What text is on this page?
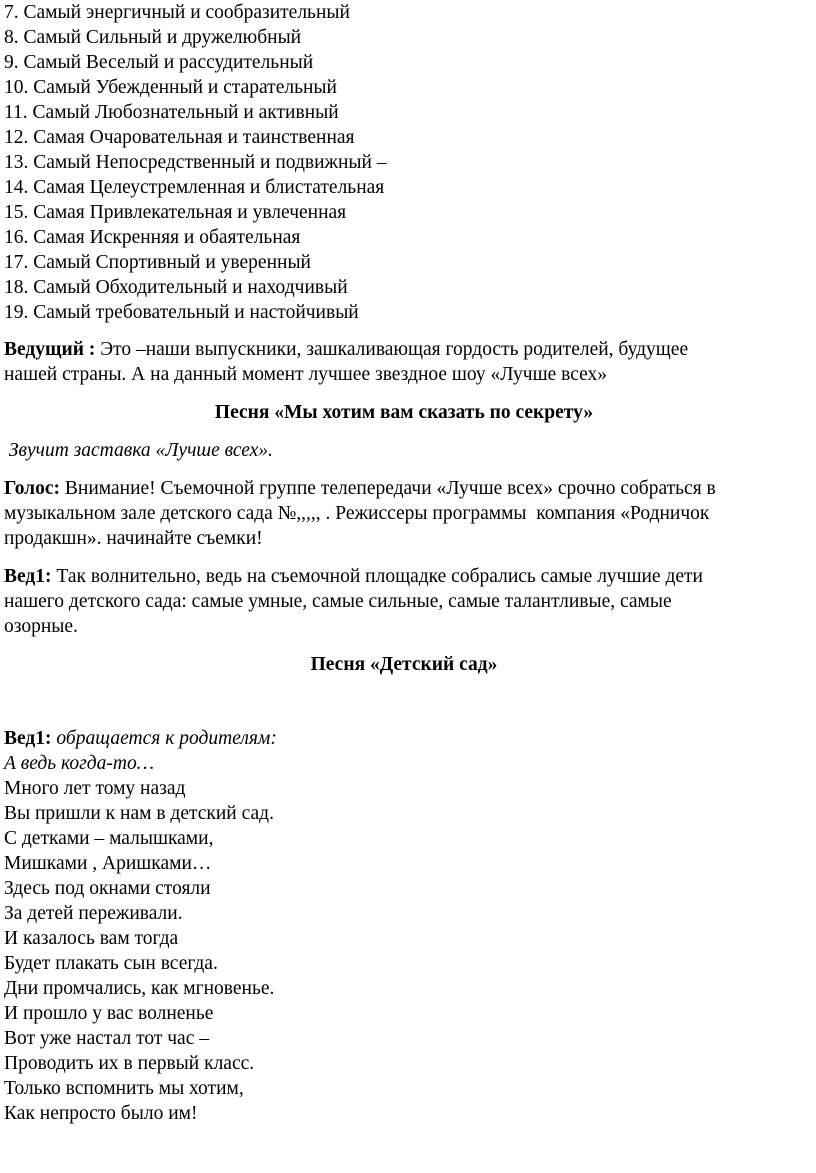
7. Самый энергичный и сообразительный
8. Самый Сильный и дружелюбный
9. Самый Веселый и рассудительный
10. Самый Убежденный и старательный
11. Самый Любознательный и активный
12. Самая Очаровательная и таинственная
13. Самый Непосредственный и подвижный –
14. Самая Целеустремленная и блистательная
15. Самая Привлекательная и увлеченная
16. Самая Искренняя и обаятельная
17. Самый Спортивный и уверенный
18. Самый Обходительный и находчивый
19. Самый требовательный и настойчивый
Ведущий : Это –наши выпускники, зашкаливающая гордость родителей, будущее
нашей страны. А на данный момент лучшее звездное шоу «Лучше всех»
Песня «Мы хотим вам сказать по секрету»
Звучит заставка «Лучше всех».
Голос: Внимание! Съемочной группе телепередачи «Лучше всех» срочно собраться в
музыкальном зале детского сада №,,,,, . Режиссеры программы  компания «Родничок
продакшн». начинайте съемки!
Вед1: Так волнительно, ведь на съемочной площадке собрались самые лучшие дети
нашего детского сада: самые умные, самые сильные, самые талантливые, самые
озорные.
Песня «Детский сад»
Вед1: обращается к родителям:
А ведь когда-то…
Много лет тому назад
Вы пришли к нам в детский сад.
С детками – малышками,
Мишками , Аришками…
Здесь под окнами стояли
За детей переживали.
И казалось вам тогда
Будет плакать сын всегда.
Дни промчались, как мгновенье.
И прошло у вас волненье
Вот уже настал тот час –
Проводить их в первый класс.
Только вспомнить мы хотим,
Как непросто было им!
